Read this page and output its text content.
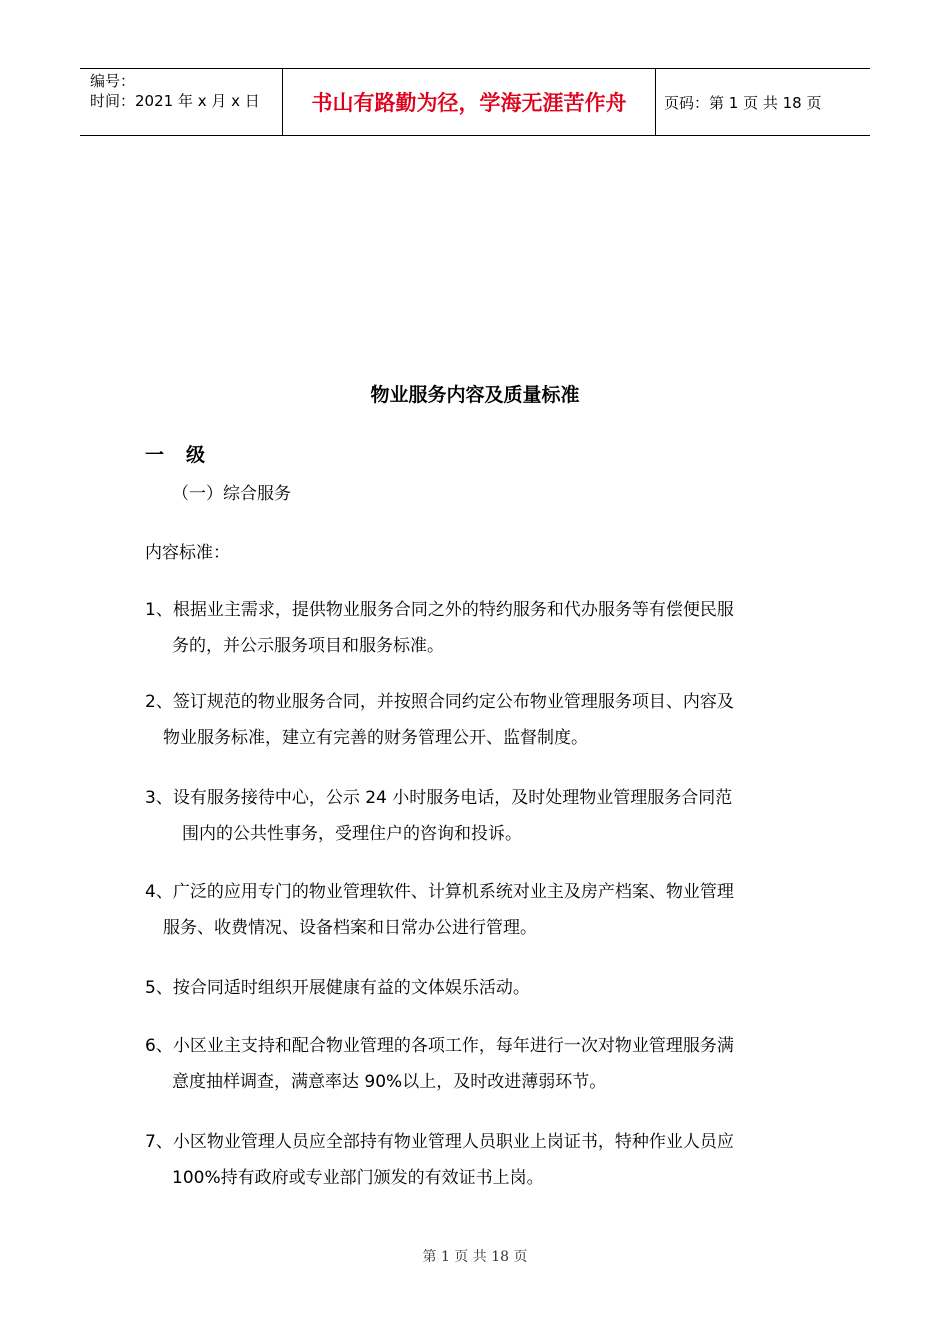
编号：
时间：2021 年 x 月 x 日	书山有路勤为径，学海无涯苦作舟	页码：第 1 页 共 18 页
物业服务内容及质量标准
一 级
（一）综合服务
内容标准：
1、根据业主需求，提供物业服务合同之外的特约服务和代办服务等有偿便民服
务的，并公示服务项目和服务标准。
2、签订规范的物业服务合同，并按照合同约定公布物业管理服务项目、内容及
物业服务标准，建立有完善的财务管理公开、监督制度。
3、设有服务接待中心，公示 24 小时服务电话，及时处理物业管理服务合同范
围内的公共性事务，受理住户的咨询和投诉。
4、广泛的应用专门的物业管理软件、计算机系统对业主及房产档案、物业管理
服务、收费情况、设备档案和日常办公进行管理。
5、按合同适时组织开展健康有益的文体娱乐活动。
6、小区业主支持和配合物业管理的各项工作，每年进行一次对物业管理服务满
意度抽样调查，满意率达 90%以上，及时改进薄弱环节。
7、小区物业管理人员应全部持有物业管理人员职业上岗证书，特种作业人员应
100%持有政府或专业部门颁发的有效证书上岗。
第 1 页 共 18 页
